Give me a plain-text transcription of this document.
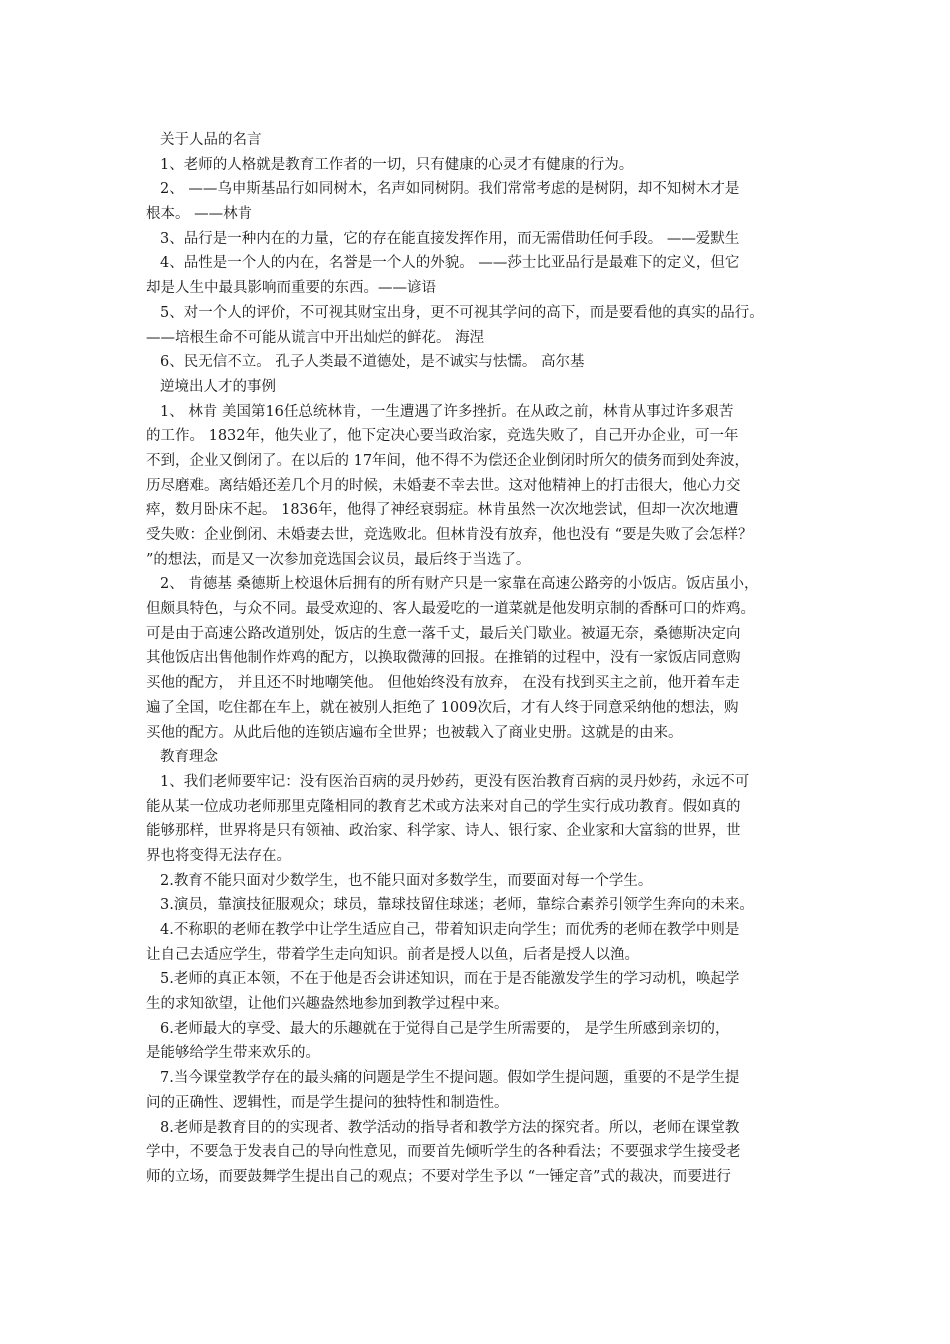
关于人品的名言
1、老师的人格就是教育工作者的一切，只有健康的心灵才有健康的行为。
2、 ——乌申斯基品行如同树木，名声如同树阴。我们常常考虑的是树阴，却不知树木才是
根本。 ——林肯
3、品行是一种内在的力量，它的存在能直接发挥作用，而无需借助任何手段。 ——爱默生
4、品性是一个人的内在，名誉是一个人的外貌。 ——莎士比亚品行是最难下的定义，但它
却是人生中最具影响而重要的东西。——谚语
5、对一个人的评价，不可视其财宝出身，更不可视其学问的高下，而是要看他的真实的品行。
——培根生命不可能从谎言中开出灿烂的鲜花。 海涅
6、民无信不立。 孔子人类最不道德处，是不诚实与怯懦。 高尔基
逆境出人才的事例
1、 林肯 美国第16任总统林肯，一生遭遇了许多挫折。在从政之前，林肯从事过许多艰苦
的工作。 1832年，他失业了，他下定决心要当政治家，竞选失败了，自己开办企业，可一年
不到，企业又倒闭了。在以后的 17年间，他不得不为偿还企业倒闭时所欠的债务而到处奔波，
历尽磨难。离结婚还差几个月的时候，未婚妻不幸去世。这对他精神上的打击很大，他心力交
瘁，数月卧床不起。 1836年，他得了神经衰弱症。林肯虽然一次次地尝试，但却一次次地遭
受失败：企业倒闭、未婚妻去世，竞选败北。但林肯没有放弃，他也没有 “要是失败了会怎样？
”的想法，而是又一次参加竞选国会议员，最后终于当选了。
2、 肯德基 桑德斯上校退休后拥有的所有财产只是一家靠在高速公路旁的小饭店。饭店虽小，
但颇具特色，与众不同。最受欢迎的、客人最爱吃的一道菜就是他发明京制的香酥可口的炸鸡。
可是由于高速公路改道别处，饭店的生意一落千丈，最后关门歇业。被逼无奈，桑德斯决定向
其他饭店出售他制作炸鸡的配方，以换取微薄的回报。在推销的过程中，没有一家饭店同意购
买他的配方， 并且还不时地嘲笑他。 但他始终没有放弃， 在没有找到买主之前，他开着车走
遍了全国，吃住都在车上，就在被别人拒绝了 1009次后，才有人终于同意采纳他的想法，购
买他的配方。从此后他的连锁店遍布全世界；也被载入了商业史册。这就是的由来。
教育理念
1、我们老师要牢记：没有医治百病的灵丹妙药，更没有医治教育百病的灵丹妙药，永远不可
能从某一位成功老师那里克隆相同的教育艺术或方法来对自己的学生实行成功教育。假如真的
能够那样，世界将是只有领袖、政治家、科学家、诗人、银行家、企业家和大富翁的世界，世
界也将变得无法存在。
2.教育不能只面对少数学生，也不能只面对多数学生，而要面对每一个学生。
3.演员，靠演技征服观众；球员，靠球技留住球迷；老师，靠综合素养引领学生奔向的未来。
4.不称职的老师在教学中让学生适应自己，带着知识走向学生；而优秀的老师在教学中则是
让自己去适应学生，带着学生走向知识。前者是授人以鱼，后者是授人以渔。
5.老师的真正本领，不在于他是否会讲述知识，而在于是否能激发学生的学习动机，唤起学
生的求知欲望，让他们兴趣盎然地参加到教学过程中来。
6.老师最大的享受、最大的乐趣就在于觉得自己是学生所需要的， 是学生所感到亲切的，
是能够给学生带来欢乐的。
7.当今课堂教学存在的最头痛的问题是学生不提问题。假如学生提问题，重要的不是学生提
问的正确性、逻辑性，而是学生提问的独特性和制造性。
8.老师是教育目的的实现者、教学活动的指导者和教学方法的探究者。所以，老师在课堂教
学中，不要急于发表自己的导向性意见，而要首先倾听学生的各种看法；不要强求学生接受老
师的立场，而要鼓舞学生提出自己的观点；不要对学生予以 “一锤定音”式的裁决，而要进行
